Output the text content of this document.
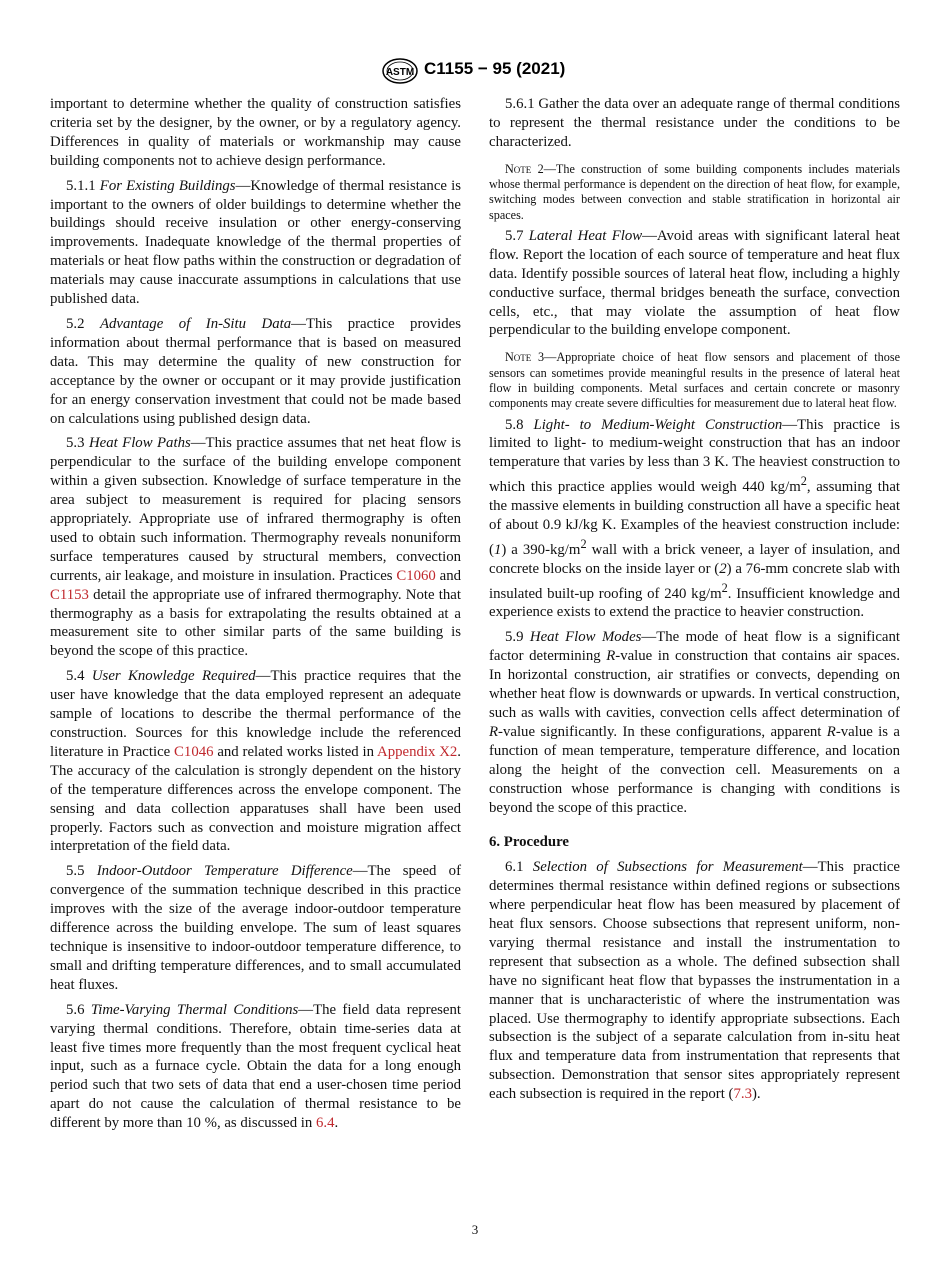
ASTM C1155 − 95 (2021)

important to determine whether the quality of construction satisfies criteria set by the designer, by the owner, or by a regulatory agency. Differences in quality of materials or workmanship may cause building components not to achieve design performance.

5.1.1 For Existing Buildings—Knowledge of thermal resistance is important to the owners of older buildings to determine whether the buildings should receive insulation or other energy-conserving improvements. Inadequate knowledge of the thermal properties of materials or heat flow paths within the construction or degradation of materials may cause inaccurate assumptions in calculations that use published data.

5.2 Advantage of In-Situ Data—This practice provides information about thermal performance that is based on measured data. This may determine the quality of new construction for acceptance by the owner or occupant or it may provide justification for an energy conservation investment that could not be made based on calculations using published design data.

5.3 Heat Flow Paths—This practice assumes that net heat flow is perpendicular to the surface of the building envelope component within a given subsection. Knowledge of surface temperature in the area subject to measurement is required for placing sensors appropriately. Appropriate use of infrared thermography is often used to obtain such information. Thermography reveals nonuniform surface temperatures caused by structural members, convection currents, air leakage, and moisture in insulation. Practices C1060 and C1153 detail the appropriate use of infrared thermography. Note that thermography as a basis for extrapolating the results obtained at a measurement site to other similar parts of the same building is beyond the scope of this practice.

5.4 User Knowledge Required—This practice requires that the user have knowledge that the data employed represent an adequate sample of locations to describe the thermal performance of the construction. Sources for this knowledge include the referenced literature in Practice C1046 and related works listed in Appendix X2. The accuracy of the calculation is strongly dependent on the history of the temperature differences across the envelope component. The sensing and data collection apparatuses shall have been used properly. Factors such as convection and moisture migration affect interpretation of the field data.

5.5 Indoor-Outdoor Temperature Difference—The speed of convergence of the summation technique described in this practice improves with the size of the average indoor-outdoor temperature difference across the building envelope. The sum of least squares technique is insensitive to indoor-outdoor temperature difference, to small and drifting temperature differences, and to small accumulated heat fluxes.

5.6 Time-Varying Thermal Conditions—The field data represent varying thermal conditions. Therefore, obtain time-series data at least five times more frequently than the most frequent cyclical heat input, such as a furnace cycle. Obtain the data for a long enough period such that two sets of data that end a user-chosen time period apart do not cause the calculation of thermal resistance to be different by more than 10 %, as discussed in 6.4.

5.6.1 Gather the data over an adequate range of thermal conditions to represent the thermal resistance under the conditions to be characterized.

Note 2—The construction of some building components includes materials whose thermal performance is dependent on the direction of heat flow, for example, switching modes between convection and stable stratification in horizontal air spaces.

5.7 Lateral Heat Flow—Avoid areas with significant lateral heat flow. Report the location of each source of temperature and heat flux data. Identify possible sources of lateral heat flow, including a highly conductive surface, thermal bridges beneath the surface, convection cells, etc., that may violate the assumption of heat flow perpendicular to the building envelope component.

Note 3—Appropriate choice of heat flow sensors and placement of those sensors can sometimes provide meaningful results in the presence of lateral heat flow in building components. Metal surfaces and certain concrete or masonry components may create severe difficulties for measurement due to lateral heat flow.

5.8 Light- to Medium-Weight Construction—This practice is limited to light- to medium-weight construction that has an indoor temperature that varies by less than 3 K. The heaviest construction to which this practice applies would weigh 440 $kg/m^2$, assuming that the massive elements in building construction all have a specific heat of about 0.9 kJ/kg K. Examples of the heaviest construction include: (1) a $390-kg/m^2$ wall with a brick veneer, a layer of insulation, and concrete blocks on the inside layer or (2) a 76-mm concrete slab with insulated built-up roofing of 240 $kg/m^2$. Insufficient knowledge and experience exists to extend the practice to heavier construction.

5.9 Heat Flow Modes—The mode of heat flow is a significant factor determining R-value in construction that contains air spaces. In horizontal construction, air stratifies or convects, depending on whether heat flow is downwards or upwards. In vertical construction, such as walls with cavities, convection cells affect determination of R-value significantly. In these configurations, apparent R-value is a function of mean temperature, temperature difference, and location along the height of the convection cell. Measurements on a construction whose performance is changing with conditions is beyond the scope of this practice.

6. Procedure

6.1 Selection of Subsections for Measurement—This practice determines thermal resistance within defined regions or subsections where perpendicular heat flow has been measured by placement of heat flux sensors. Choose subsections that represent uniform, non-varying thermal resistance and install the instrumentation to represent that subsection as a whole. The defined subsection shall have no significant heat flow that bypasses the instrumentation in a manner that is uncharacteristic of where the instrumentation was placed. Use thermography to identify appropriate subsections. Each subsection is the subject of a separate calculation from in-situ heat flux and temperature data from instrumentation that represents that subsection. Demonstration that sensor sites appropriately represent each subsection is required in the report (7.3).

3
